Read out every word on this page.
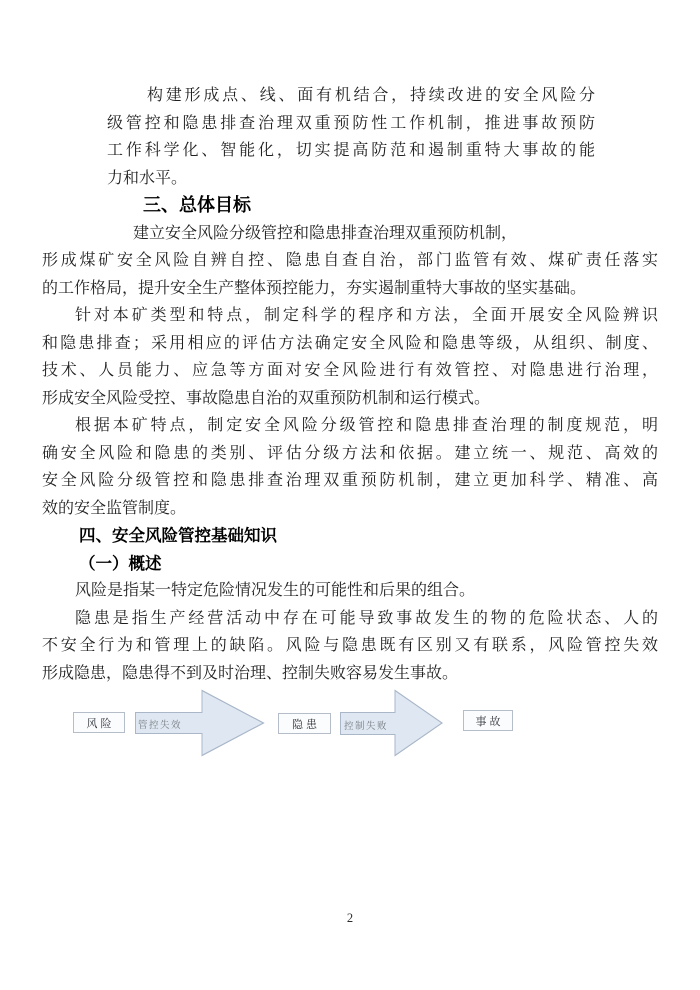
构建形成点、线、面有机结合，持续改进的安全风险分
级管控和隐患排查治理双重预防性工作机制，推进事故预防
工作科学化、智能化，切实提高防范和遏制重特大事故的能
力和水平。
三、总体目标
建立安全风险分级管控和隐患排查治理双重预防机制，
形成煤矿安全风险自辨自控、隐患自查自治，部门监管有效、煤矿责任落实
的工作格局，提升安全生产整体预控能力，夯实遏制重特大事故的坚实基础。
针对本矿类型和特点，制定科学的程序和方法，全面开展安全风险辨识
和隐患排查；采用相应的评估方法确定安全风险和隐患等级，从组织、制度、
技术、人员能力、应急等方面对安全风险进行有效管控、对隐患进行治理，
形成安全风险受控、事故隐患自治的双重预防机制和运行模式。
根据本矿特点，制定安全风险分级管控和隐患排查治理的制度规范，明
确安全风险和隐患的类别、评估分级方法和依据。建立统一、规范、高效的
安全风险分级管控和隐患排查治理双重预防机制，建立更加科学、精准、高
效的安全监管制度。
四、安全风险管控基础知识
（一）概述
风险是指某一特定危险情况发生的可能性和后果的组合。
隐患是指生产经营活动中存在可能导致事故发生的物的危险状态、人的
不安全行为和管理上的缺陷。风险与隐患既有区别又有联系，风险管控失效
形成隐患，隐患得不到及时治理、控制失败容易发生事故。
风险	管控失效	隐患	控制失败	事故
2
